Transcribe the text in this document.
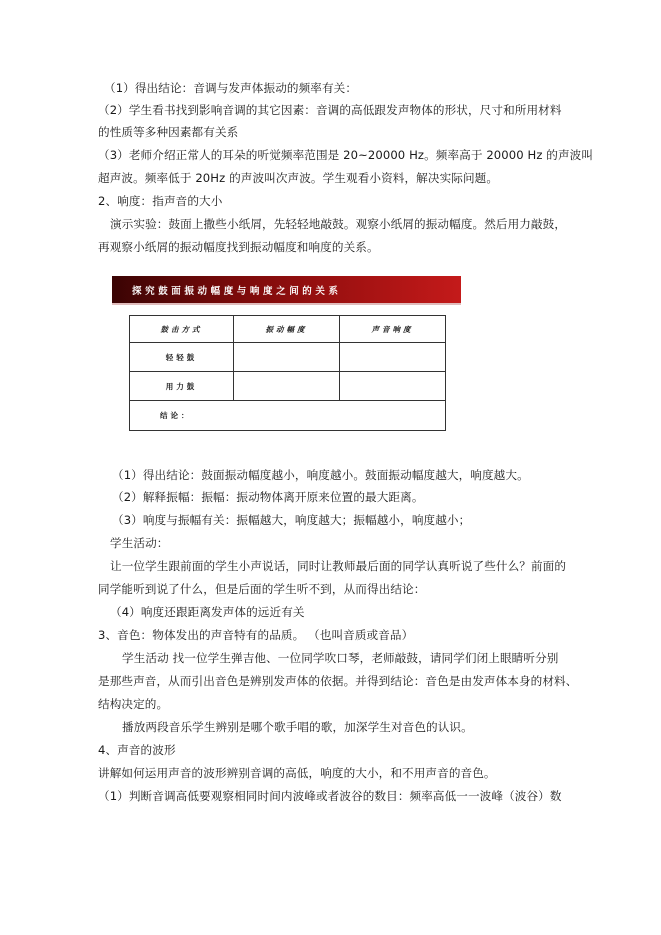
（1）得出结论：音调与发声体振动的频率有关：
（2）学生看书找到影响音调的其它因素：音调的高低跟发声物体的形状，尺寸和所用材料
的性质等多种因素都有关系
（3）老师介绍正常人的耳朵的听觉频率范围是 20~20000 Hz。频率高于 20000 Hz 的声波叫
超声波。频率低于 20Hz 的声波叫次声波。学生观看小资料，解决实际问题。
2、响度：指声音的大小
演示实验：鼓面上撒些小纸屑，先轻轻地敲鼓。观察小纸屑的振动幅度。然后用力敲鼓，
再观察小纸屑的振动幅度找到振动幅度和响度的关系。
探究鼓面振动幅度与响度之间的关系
鼓击方式	振动幅度	声音响度
轻轻鼓		
用力鼓		
结论：		
（1）得出结论：鼓面振动幅度越小，响度越小。鼓面振动幅度越大，响度越大。
（2）解释振幅：振幅：振动物体离开原来位置的最大距离。
（3）响度与振幅有关：振幅越大，响度越大；振幅越小，响度越小；
学生活动：
让一位学生跟前面的学生小声说话，同时让教师最后面的同学认真听说了些什么？前面的
同学能听到说了什么，但是后面的学生听不到，从而得出结论：
（4）响度还跟距离发声体的远近有关
3、音色：物体发出的声音特有的品质。 （也叫音质或音品）
学生活动 找一位学生弹吉他、一位同学吹口琴，老师敲鼓，请同学们闭上眼睛听分别
是那些声音，从而引出音色是辨别发声体的依据。并得到结论：音色是由发声体本身的材料、
结构决定的。
播放两段音乐学生辨别是哪个歌手唱的歌，加深学生对音色的认识。
4、声音的波形
讲解如何运用声音的波形辨别音调的高低，响度的大小，和不用声音的音色。
（1）判断音调高低要观察相同时间内波峰或者波谷的数目：频率高低一一波峰（波谷）数
